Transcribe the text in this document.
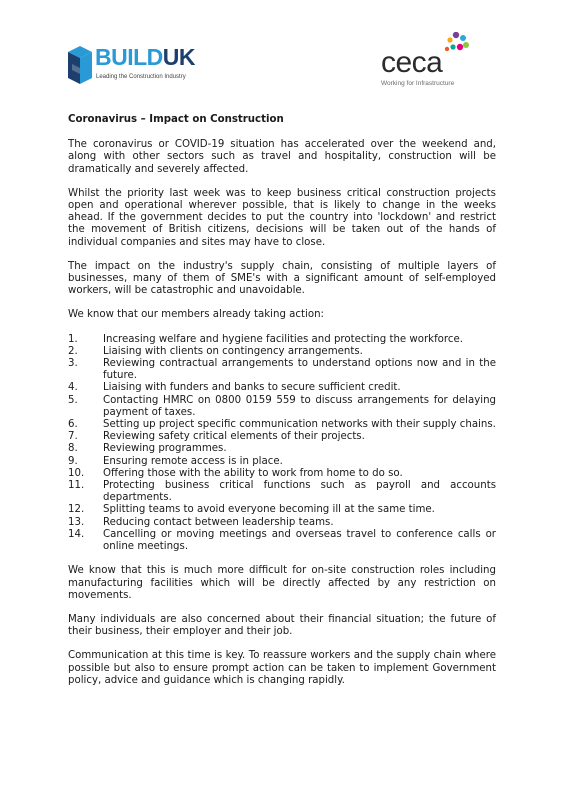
BUILDUK
Leading the Construction Industry	ceca
Working for Infrastructure
Coronavirus – Impact on Construction

The coronavirus or COVID-19 situation has accelerated over the weekend and, along with other sectors such as travel and hospitality, construction will be dramatically and severely affected.

Whilst the priority last week was to keep business critical construction projects open and operational wherever possible, that is likely to change in the weeks ahead. If the government decides to put the country into 'lockdown' and restrict the movement of British citizens, decisions will be taken out of the hands of individual companies and sites may have to close.

The impact on the industry's supply chain, consisting of multiple layers of businesses, many of them of SME's with a significant amount of self-employed workers, will be catastrophic and unavoidable.

We know that our members already taking action:

1.	Increasing welfare and hygiene facilities and protecting the workforce.
2.	Liaising with clients on contingency arrangements.
3.	Reviewing contractual arrangements to understand options now and in the future.
4.	Liaising with funders and banks to secure sufficient credit.
5.	Contacting HMRC on 0800 0159 559 to discuss arrangements for delaying payment of taxes.
6.	Setting up project specific communication networks with their supply chains.
7.	Reviewing safety critical elements of their projects.
8.	Reviewing programmes.
9.	Ensuring remote access is in place.
10.	Offering those with the ability to work from home to do so.
11.	Protecting business critical functions such as payroll and accounts departments.
12.	Splitting teams to avoid everyone becoming ill at the same time.
13.	Reducing contact between leadership teams.
14.	Cancelling or moving meetings and overseas travel to conference calls or online meetings.

We know that this is much more difficult for on-site construction roles including manufacturing facilities which will be directly affected by any restriction on movements.

Many individuals are also concerned about their financial situation; the future of their business, their employer and their job.

Communication at this time is key. To reassure workers and the supply chain where possible but also to ensure prompt action can be taken to implement Government policy, advice and guidance which is changing rapidly.
